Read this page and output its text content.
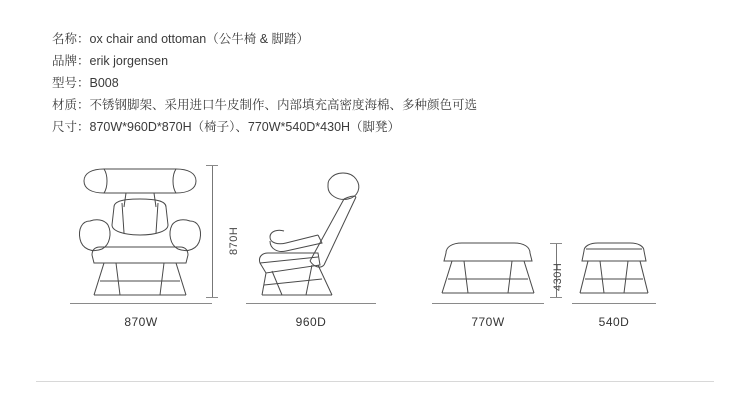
名称：ox chair and ottoman（公牛椅 & 脚踏）
品牌：erik jorgensen
型号：B008
材质：不锈钢脚架、采用进口牛皮制作、内部填充高密度海棉、多种颜色可选
尺寸：870W*960D*870H（椅子）、770W*540D*430H（脚凳）
870H
430H
870W	960D	770W	540D
